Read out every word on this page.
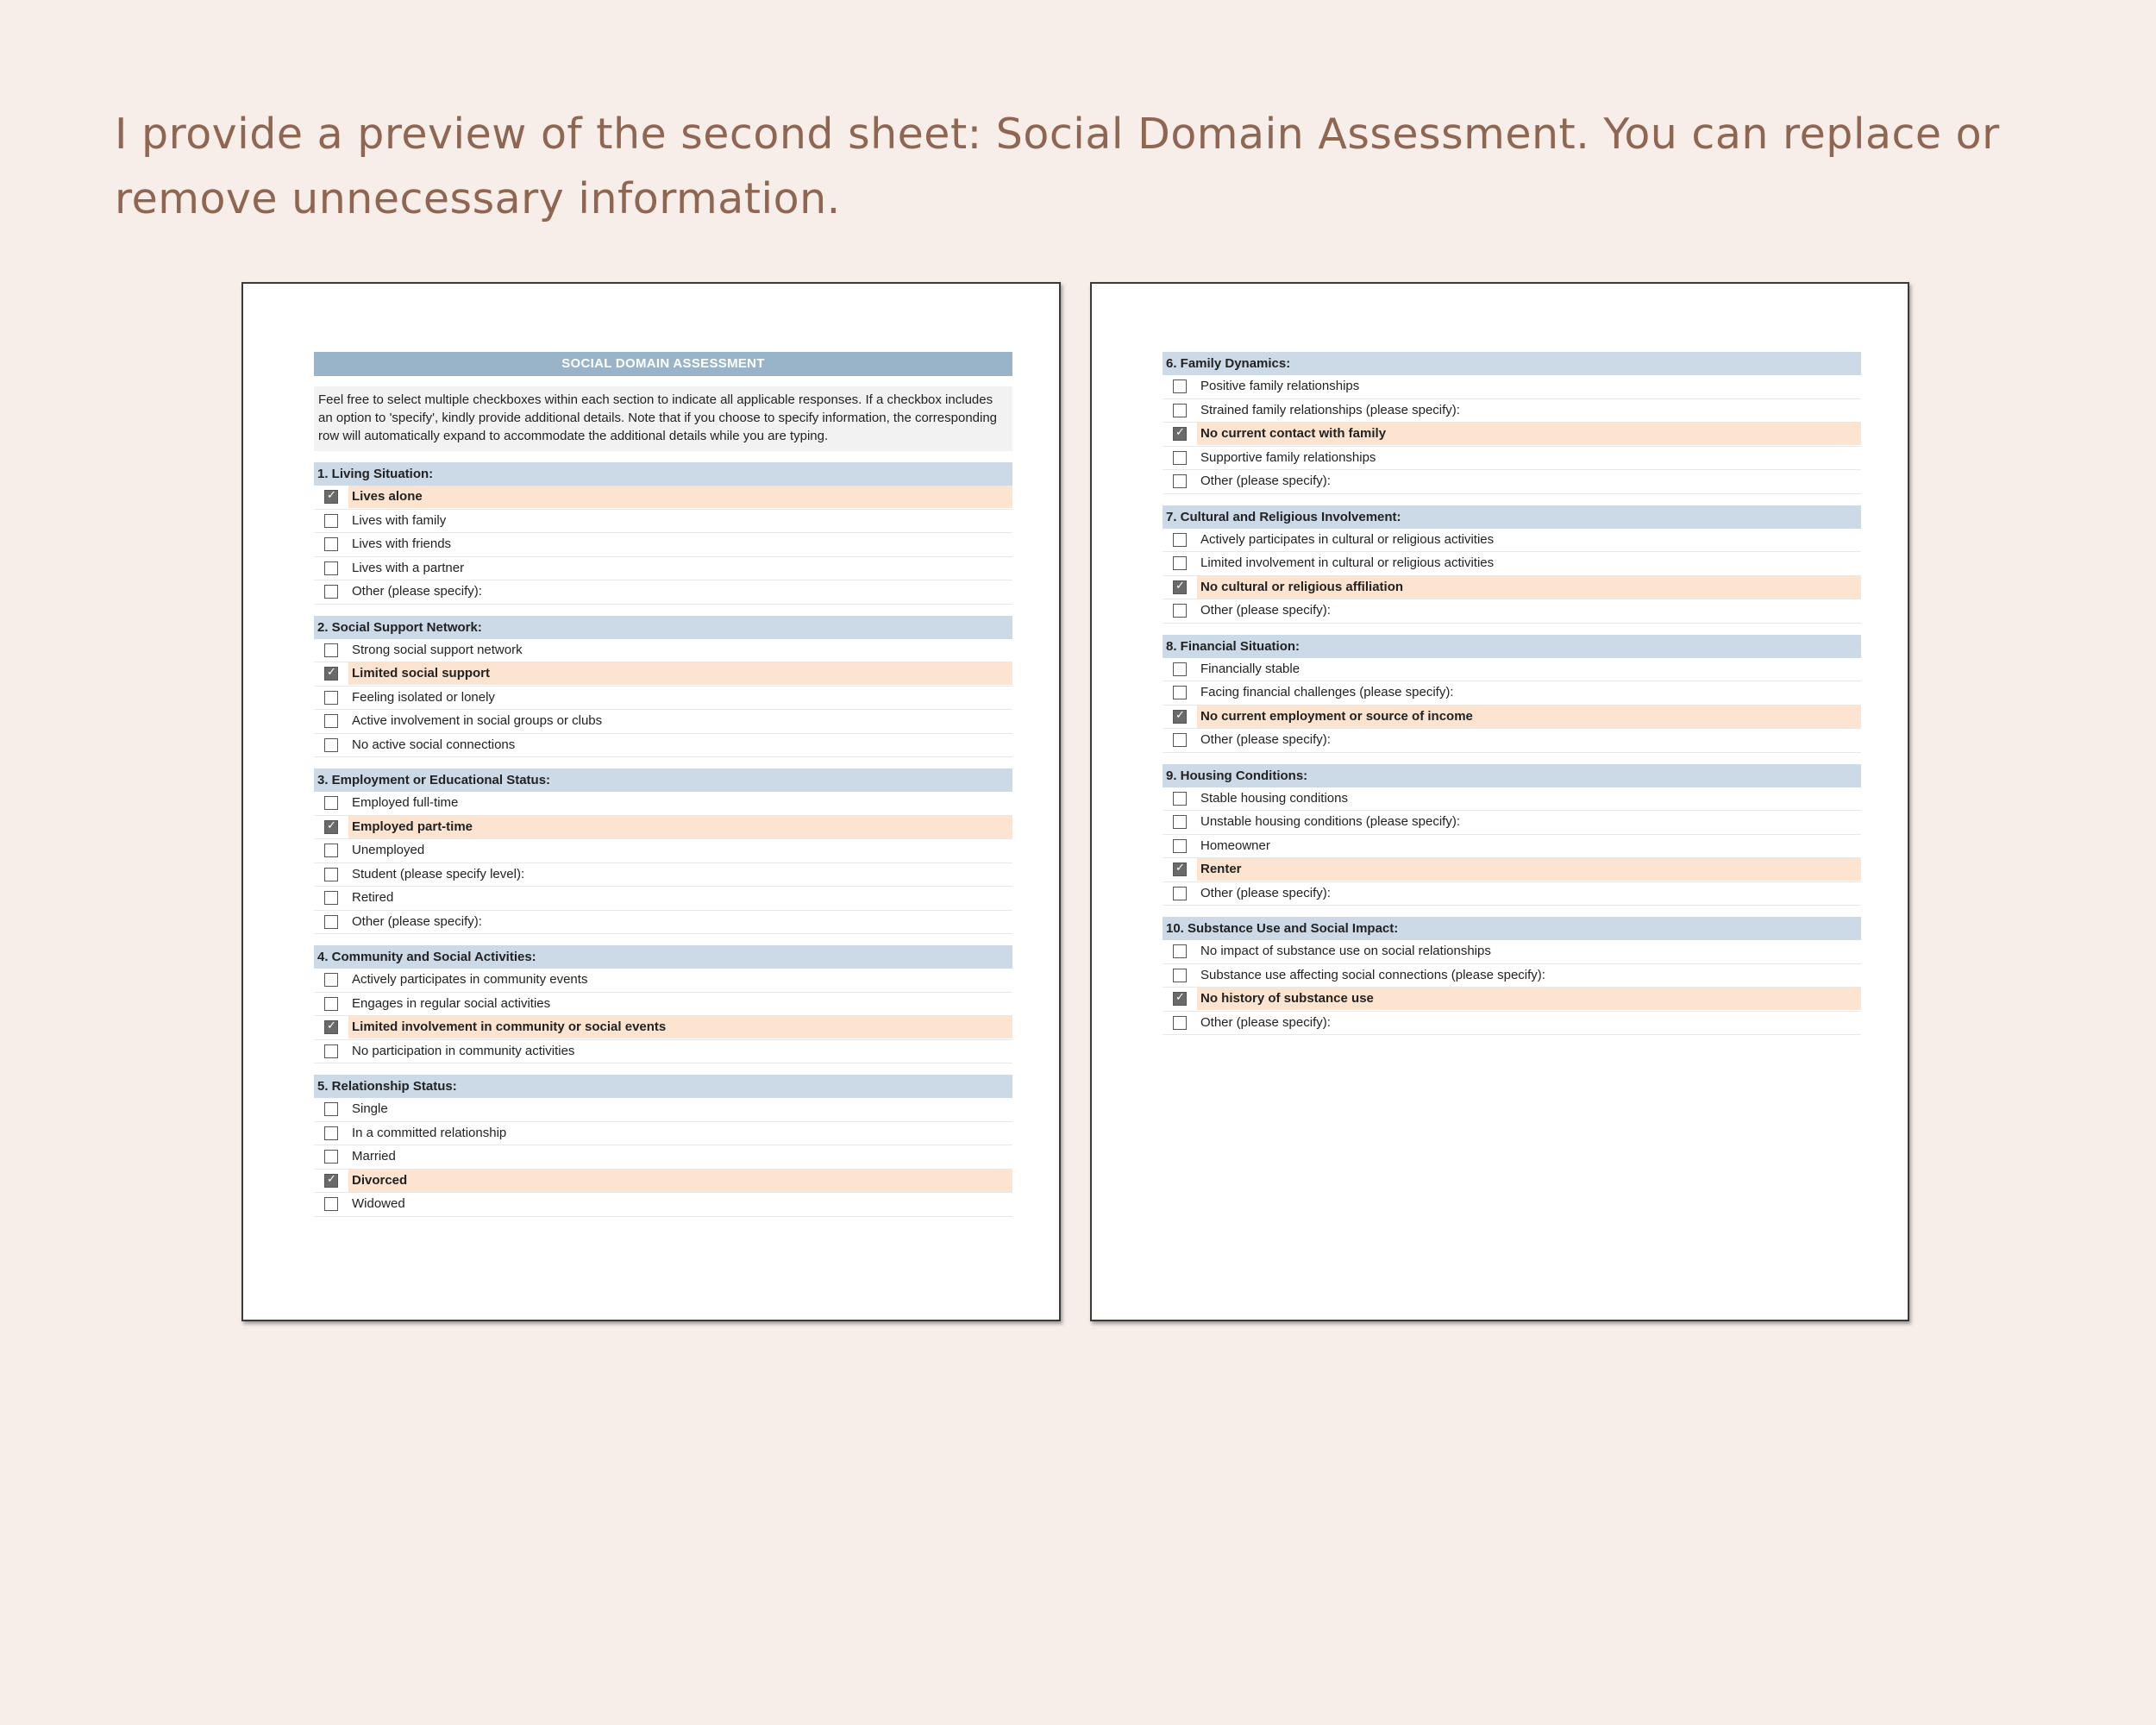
I provide a preview of the second sheet: Social Domain Assessment. You can replace or remove unnecessary information.
SOCIAL DOMAIN ASSESSMENT
Feel free to select multiple checkboxes within each section to indicate all applicable responses. If a checkbox includes an option to 'specify', kindly provide additional details. Note that if you choose to specify information, the corresponding row will automatically expand to accommodate the additional details while you are typing.
1. Living Situation:
✓ Lives alone
Lives with family
Lives with friends
Lives with a partner
Other (please specify):
2. Social Support Network:
Strong social support network
✓ Limited social support
Feeling isolated or lonely
Active involvement in social groups or clubs
No active social connections
3. Employment or Educational Status:
Employed full-time
✓ Employed part-time
Unemployed
Student (please specify level):
Retired
Other (please specify):
4. Community and Social Activities:
Actively participates in community events
Engages in regular social activities
✓ Limited involvement in community or social events
No participation in community activities
5. Relationship Status:
Single
In a committed relationship
Married
✓ Divorced
Widowed
6. Family Dynamics:
Positive family relationships
Strained family relationships (please specify):
✓ No current contact with family
Supportive family relationships
Other (please specify):
7. Cultural and Religious Involvement:
Actively participates in cultural or religious activities
Limited involvement in cultural or religious activities
✓ No cultural or religious affiliation
Other (please specify):
8. Financial Situation:
Financially stable
Facing financial challenges (please specify):
✓ No current employment or source of income
Other (please specify):
9. Housing Conditions:
Stable housing conditions
Unstable housing conditions (please specify):
Homeowner
✓ Renter
Other (please specify):
10. Substance Use and Social Impact:
No impact of substance use on social relationships
Substance use affecting social connections (please specify):
✓ No history of substance use
Other (please specify):
